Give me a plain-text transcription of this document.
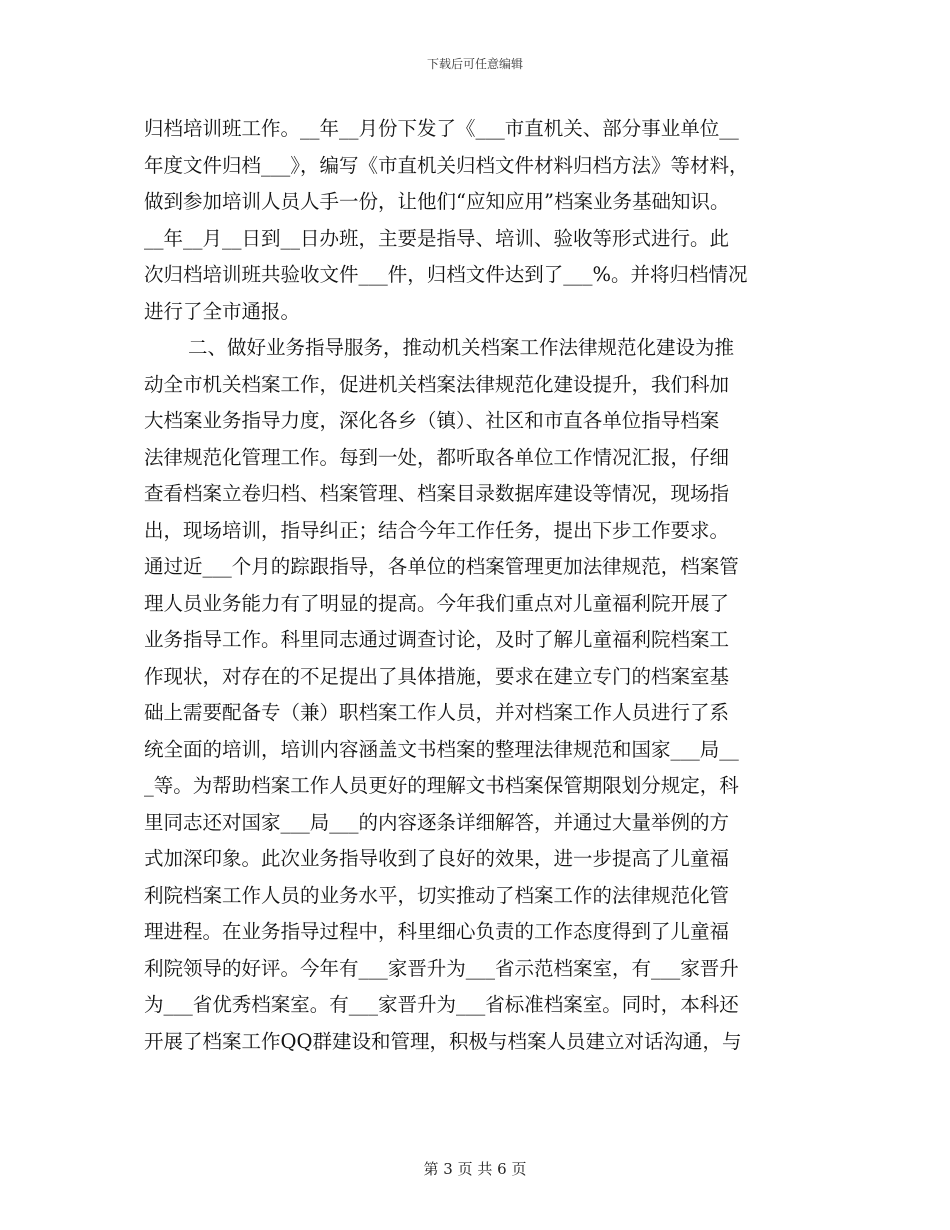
下载后可任意编辑
归档培训班工作。__年__月份下发了《___市直机关、部分事业单位__
年度文件归档___》，编写《市直机关归档文件材料归档方法》等材料，
做到参加培训人员人手一份，让他们“应知应用”档案业务基础知识。
__年__月__日到__日办班，主要是指导、培训、验收等形式进行。此
次归档培训班共验收文件___件，归档文件达到了___%。并将归档情况
进行了全市通报。
二、做好业务指导服务，推动机关档案工作法律规范化建设为推
动全市机关档案工作，促进机关档案法律规范化建设提升，我们科加
大档案业务指导力度，深化各乡（镇）、社区和市直各单位指导档案
法律规范化管理工作。每到一处，都听取各单位工作情况汇报，仔细
查看档案立卷归档、档案管理、档案目录数据库建设等情况，现场指
出，现场培训，指导纠正；结合今年工作任务，提出下步工作要求。
通过近___个月的踪跟指导，各单位的档案管理更加法律规范，档案管
理人员业务能力有了明显的提高。今年我们重点对儿童福利院开展了
业务指导工作。科里同志通过调查讨论，及时了解儿童福利院档案工
作现状，对存在的不足提出了具体措施，要求在建立专门的档案室基
础上需要配备专（兼）职档案工作人员，并对档案工作人员进行了系
统全面的培训，培训内容涵盖文书档案的整理法律规范和国家___局__
_等。为帮助档案工作人员更好的理解文书档案保管期限划分规定，科
里同志还对国家___局___的内容逐条详细解答，并通过大量举例的方
式加深印象。此次业务指导收到了良好的效果，进一步提高了儿童福
利院档案工作人员的业务水平，切实推动了档案工作的法律规范化管
理进程。在业务指导过程中，科里细心负责的工作态度得到了儿童福
利院领导的好评。今年有___家晋升为___省示范档案室，有___家晋升
为___省优秀档案室。有___家晋升为___省标准档案室。同时，本科还
开展了档案工作QQ群建设和管理，积极与档案人员建立对话沟通，与
第 3 页 共 6 页
